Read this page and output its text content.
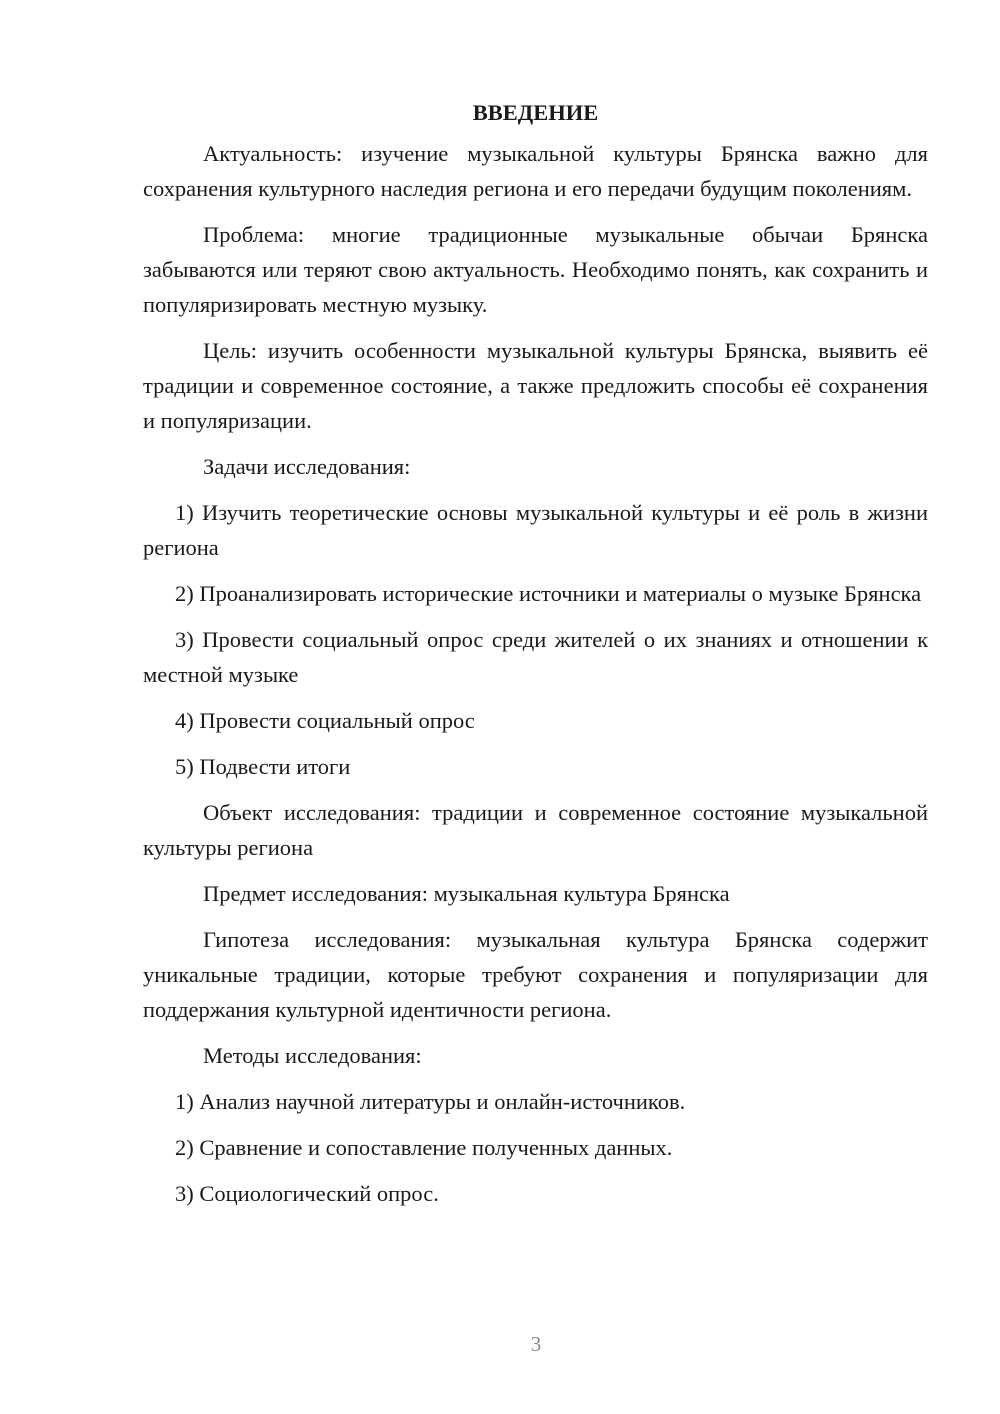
ВВЕДЕНИЕ

Актуальность: изучение музыкальной культуры Брянска важно для сохранения культурного наследия региона и его передачи будущим поколениям.

Проблема: многие традиционные музыкальные обычаи Брянска забываются или теряют свою актуальность. Необходимо понять, как сохранить и популяризировать местную музыку.

Цель: изучить особенности музыкальной культуры Брянска, выявить её традиции и современное состояние, а также предложить способы её сохранения и популяризации.

Задачи исследования:

1) Изучить теоретические основы музыкальной культуры и её роль в жизни региона

2) Проанализировать исторические источники и материалы о музыке Брянска

3) Провести социальный опрос среди жителей о их знаниях и отношении к местной музыке

4) Провести социальный опрос

5) Подвести итоги

Объект исследования: традиции и современное состояние музыкальной культуры региона

Предмет исследования: музыкальная культура Брянска

Гипотеза исследования: музыкальная культура Брянска содержит уникальные традиции, которые требуют сохранения и популяризации для поддержания культурной идентичности региона.

Методы исследования:

1) Анализ научной литературы и онлайн-источников.

2) Сравнение и сопоставление полученных данных.

3) Социологический опрос.

3
